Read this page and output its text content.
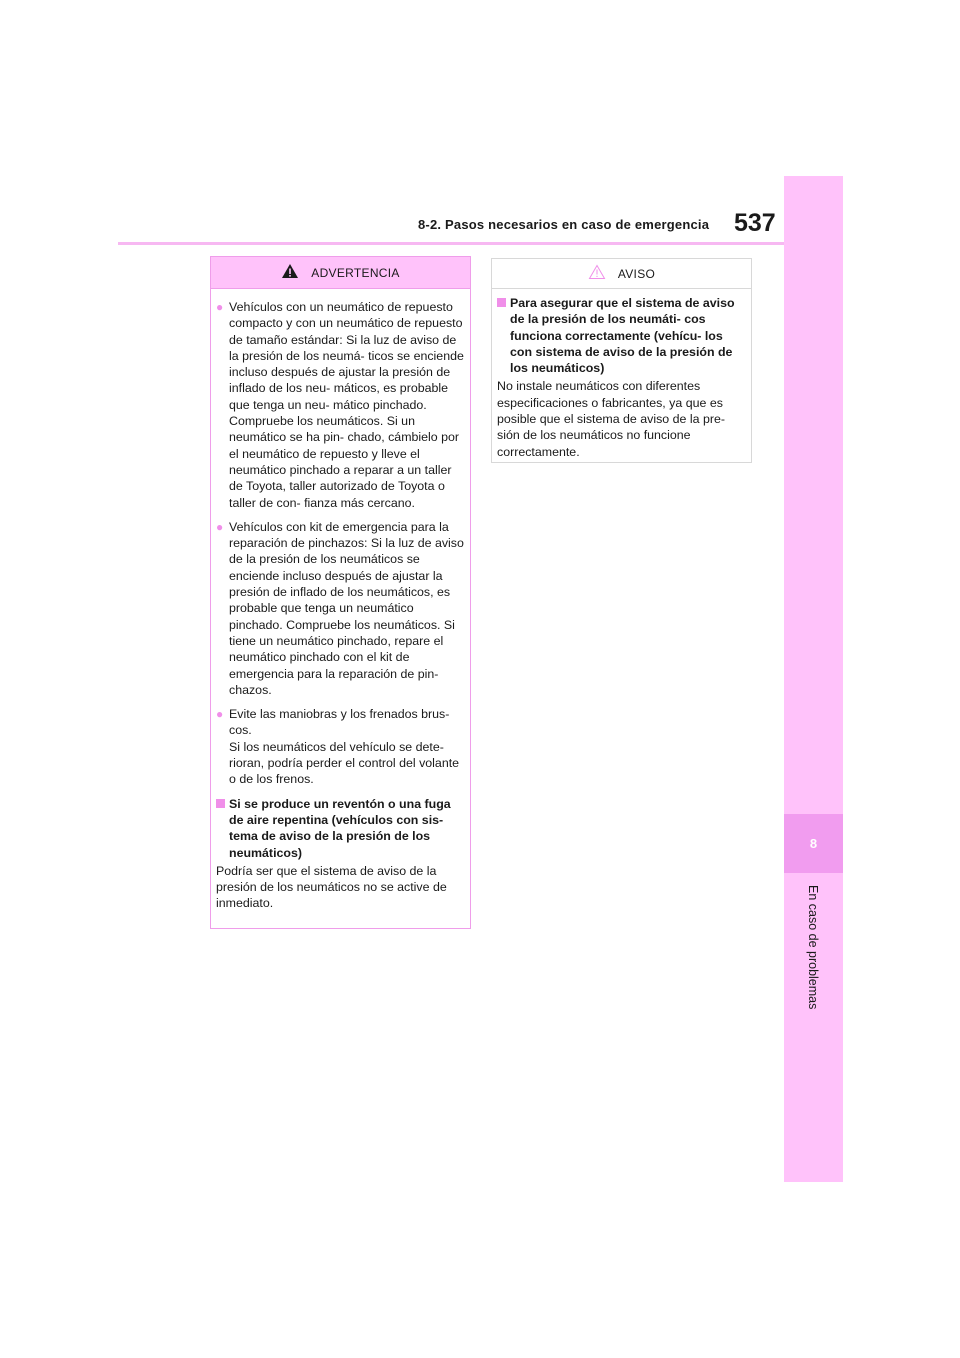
8
En caso de problemas
8-2. Pasos necesarios en caso de emergencia 537
ADVERTENCIA
● Vehículos con un neumático de repuesto compacto y con un neumático de repuesto de tamaño estándar: Si la luz de aviso de la presión de los neumá- ticos se enciende incluso después de ajustar la presión de inflado de los neu- máticos, es probable que tenga un neu- mático pinchado. Compruebe los neumáticos. Si un neumático se ha pin- chado, cámbielo por el neumático de repuesto y lleve el neumático pinchado a reparar a un taller de Toyota, taller autorizado de Toyota o taller de con- fianza más cercano.
● Vehículos con kit de emergencia para la reparación de pinchazos: Si la luz de aviso de la presión de los neumáticos se enciende incluso después de ajustar la presión de inflado de los neumáticos, es probable que tenga un neumático pinchado. Compruebe los neumáticos. Si tiene un neumático pinchado, repare el neumático pinchado con el kit de emergencia para la reparación de pin- chazos.
● Evite las maniobras y los frenados brus- cos.
Si los neumáticos del vehículo se dete- rioran, podría perder el control del volante o de los frenos.
Si se produce un reventón o una fuga de aire repentina (vehículos con sis- tema de aviso de la presión de los neumáticos)

Podría ser que el sistema de aviso de la presión de los neumáticos no se active de inmediato.

AVISO
Para asegurar que el sistema de aviso de la presión de los neumáti- cos funciona correctamente (vehícu- los con sistema de aviso de la presión de los neumáticos)

No instale neumáticos con diferentes especificaciones o fabricantes, ya que es posible que el sistema de aviso de la pre- sión de los neumáticos no funcione correctamente.
